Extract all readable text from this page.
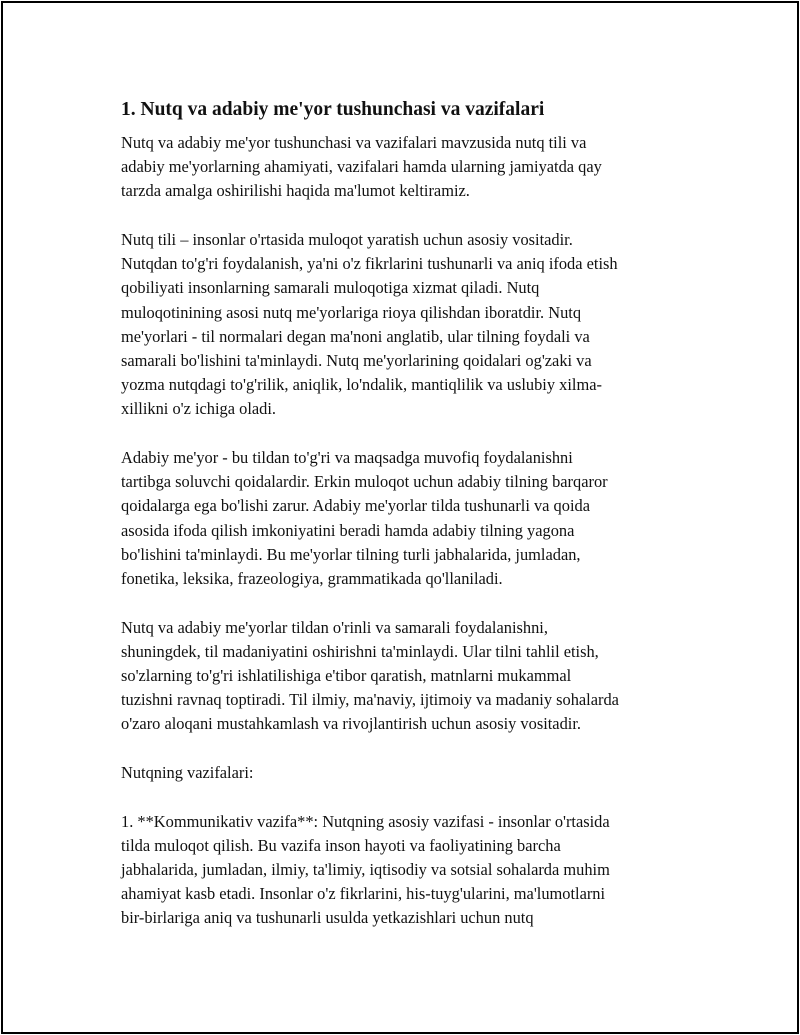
1. Nutq va adabiy me'yor tushunchasi va vazifalari

Nutq va adabiy me'yor tushunchasi va vazifalari mavzusida nutq tili va
adabiy me'yorlarning ahamiyati, vazifalari hamda ularning jamiyatda qay
tarzda amalga oshirilishi haqida ma'lumot keltiramiz.

Nutq tili – insonlar o'rtasida muloqot yaratish uchun asosiy vositadir.
Nutqdan to'g'ri foydalanish, ya'ni o'z fikrlarini tushunarli va aniq ifoda etish
qobiliyati insonlarning samarali muloqotiga xizmat qiladi. Nutq
muloqotinining asosi nutq me'yorlariga rioya qilishdan iboratdir. Nutq
me'yorlari - til normalari degan ma'noni anglatib, ular tilning foydali va
samarali bo'lishini ta'minlaydi. Nutq me'yorlarining qoidalari og'zaki va
yozma nutqdagi to'g'rilik, aniqlik, lo'ndalik, mantiqlilik va uslubiy xilma-
xillikni o'z ichiga oladi.

Adabiy me'yor - bu tildan to'g'ri va maqsadga muvofiq foydalanishni
tartibga soluvchi qoidalardir. Erkin muloqot uchun adabiy tilning barqaror
qoidalarga ega bo'lishi zarur. Adabiy me'yorlar tilda tushunarli va qoida
asosida ifoda qilish imkoniyatini beradi hamda adabiy tilning yagona
bo'lishini ta'minlaydi. Bu me'yorlar tilning turli jabhalarida, jumladan,
fonetika, leksika, frazeologiya, grammatikada qo'llaniladi.

Nutq va adabiy me'yorlar tildan o'rinli va samarali foydalanishni,
shuningdek, til madaniyatini oshirishni ta'minlaydi. Ular tilni tahlil etish,
so'zlarning to'g'ri ishlatilishiga e'tibor qaratish, matnlarni mukammal
tuzishni ravnaq toptiradi. Til ilmiy, ma'naviy, ijtimoiy va madaniy sohalarda
o'zaro aloqani mustahkamlash va rivojlantirish uchun asosiy vositadir.

Nutqning vazifalari:

1. **Kommunikativ vazifa**: Nutqning asosiy vazifasi - insonlar o'rtasida
tilda muloqot qilish. Bu vazifa inson hayoti va faoliyatining barcha
jabhalarida, jumladan, ilmiy, ta'limiy, iqtisodiy va sotsial sohalarda muhim
ahamiyat kasb etadi. Insonlar o'z fikrlarini, his-tuyg'ularini, ma'lumotlarni
bir-birlariga aniq va tushunarli usulda yetkazishlari uchun nutq
